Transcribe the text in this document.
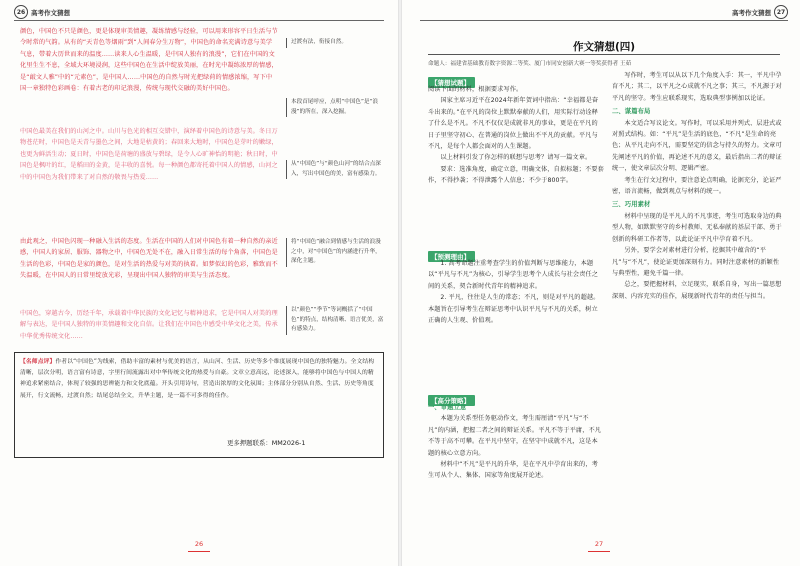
26 高考作文猜想
颜色，中国色不只是颜色，更是体现审美情趣，凝练情感与经验，可以用来形容平日生活与节令时常的气韵。从有的“天青色等烟雨”到“人间春分生万物”，中国色的命名充满诗意与美学气息，带着大历世而来的温度……读来人心生温暖，是中国人独有的浪漫”，它们在中国的文化里生生不息，全域大环境浸润，这些中国色在生活中绽放美丽，在时光中凝练浓厚的情感，是“敲文人雅”中的“元素色”，是中国人……中国色的自然与时光把绿荷的情感浓缩，写下中国一章独特色彩画卷：有着古老的印记浪漫，传统与现代交融的美好中国色。
中国色最美在我们的山河之中。山川与色光的相互交错中，演绎着中国色的诗意与美。冬日万物苍茫时，中国色是天青与墨色之间，大地是枯黄的；春回来大地时，中国色是芽叶的嫩绿，也更为鲜活生动；夏日时，中国色是荷塘的盛放与碧绿，是令人心旷神怡的明艳；秋日时，中国色是枫叶的红，是稻田的金黄，是丰收的喜悦。每一种颜色都寄托着中国人的情感，山河之中的中国色为我们带来了对自然的敬畏与热爱……
由此观之，中国色闪现一种融入生活的态度。生活在中国的人们对中国色有着一种自然的亲近感，中国人的家居、服饰、器物之中，中国色无处不在，融入日常生活的每个角落，中国色是生活的色彩，中国色是家的颜色，是对生活的热爱与对美的执着。如梦似幻的色彩，雅致而不失温暖，在中国人的日常里绽放光彩，呈现出中国人独特的审美与生活态度。
中国色，穿越古今，历经千年，承载着中华民族的文化记忆与精神追求，它是中国人对美的理解与表达，是中国人独特的审美情趣和文化自信。让我们在中国色中感受中华文化之美，传承中华优秀传统文化……
过渡有法，衔接自然。
本段首尾呼应，点明“中国色”是“浪漫”的所在，深入挖掘。
从“中国色”与“颜色山河”的结合点深入，写出中国色的美，富有感染力。
将“中国色”融合到情感与生活的浪漫之中，对“中国色”的内涵进行升华，深化主题。
以“颜色”“季节”等词概括了“中国色”的特点，结构清晰、语言优美，富有感染力。
【名师点评】作者以“中国色”为线索，借助丰富的素材与优美的语言，从山河、生活、历史等多个维度展现中国色的独特魅力。全文结构清晰，层次分明，语言富有诗意，字里行间流露出对中华传统文化的热爱与自豪。文章立意高远，论述深入，能够将中国色与中国人的精神追求紧密结合，体现了较强的思辨能力和文化底蕴。开头引用诗句，营造出浓厚的文化氛围；主体部分分别从自然、生活、历史等角度展开，行文流畅，过渡自然；结尾总结全文，升华主题，是一篇不可多得的佳作。
更多押题联系：MM2026-1
26
高考作文猜想 27
27
作文猜想(四)
命题人：福建省基础教育数字资源二等奖、厦门市同安创新大赛一等奖获得者 王茹
【猜想试题】
阅读下面的材料，根据要求写作。
国家主席习近平在2024年新年贺词中指出：“幸福都是奋斗出来的。”在平凡的岗位上默默奉献的人们，用实际行动诠释了什么是不凡。不凡不仅仅是成就非凡的事业，更是在平凡的日子里坚守初心、在普通的岗位上做出不平凡的贡献。平凡与不凡，是每个人都会面对的人生课题。
以上材料引发了你怎样的联想与思考？请写一篇文章。
要求：选准角度，确定立意，明确文体，自拟标题；不要套作，不得抄袭；不得泄露个人信息；不少于800字。
【预测理由】
1. 高考命题注重考查学生的价值判断与思维能力，本题以“平凡与不凡”为核心，引导学生思考个人成长与社会责任之间的关系，契合新时代青年的精神追求。
2. 平凡，往往是人生的常态；不凡，则是对平凡的超越。本题旨在引导考生在辩证思考中认识平凡与不凡的关系，树立正确的人生观、价值观。
【高分策略】
一、审题立意
本题为关系型任务驱动作文，考生需厘清“平凡”与“不凡”的内涵，把握二者之间的辩证关系。平凡不等于平庸，不凡不等于高不可攀。在平凡中坚守，在坚守中成就不凡，这是本题的核心立意方向。
材料中“不凡”是平凡的升华，是在平凡中孕育出来的，考生可从个人、集体、国家等角度展开论述。
写作时，考生可以从以下几个角度入手：其一，平凡中孕育不凡；其二，以平凡之心成就不凡之事；其三，不凡源于对平凡的坚守。考生应联系现实，选取典型事例加以论证。
二、谋篇布局
本文适合写议论文。写作时，可以采用并列式、层进式或对照式结构。如：“平凡”是生活的底色，“不凡”是生命的亮色；从平凡走向不凡，需要坚定的信念与持久的努力。文章可先阐述平凡的价值，再论述不凡的意义，最后指出二者的辩证统一，使文章层次分明、逻辑严密。
考生在行文过程中，要注意论点明确，论据充分，论证严密，语言流畅，做到观点与材料的统一。
三、巧用素材
材料中呈现的是平凡人的不凡事迹，考生可选取身边的典型人物，如默默坚守的乡村教师、无私奉献的基层干部、勇于创新的科研工作者等，以此论证平凡中孕育着不凡。
另外，要学会对素材进行分析，挖掘其中蕴含的“平凡”与“不凡”，使论证更加深刻有力。同时注意素材的新颖性与典型性，避免千篇一律。
总之，要把握材料，立足现实，联系自身，写出一篇思想深刻、内容充实的佳作，展现新时代青年的责任与担当。
